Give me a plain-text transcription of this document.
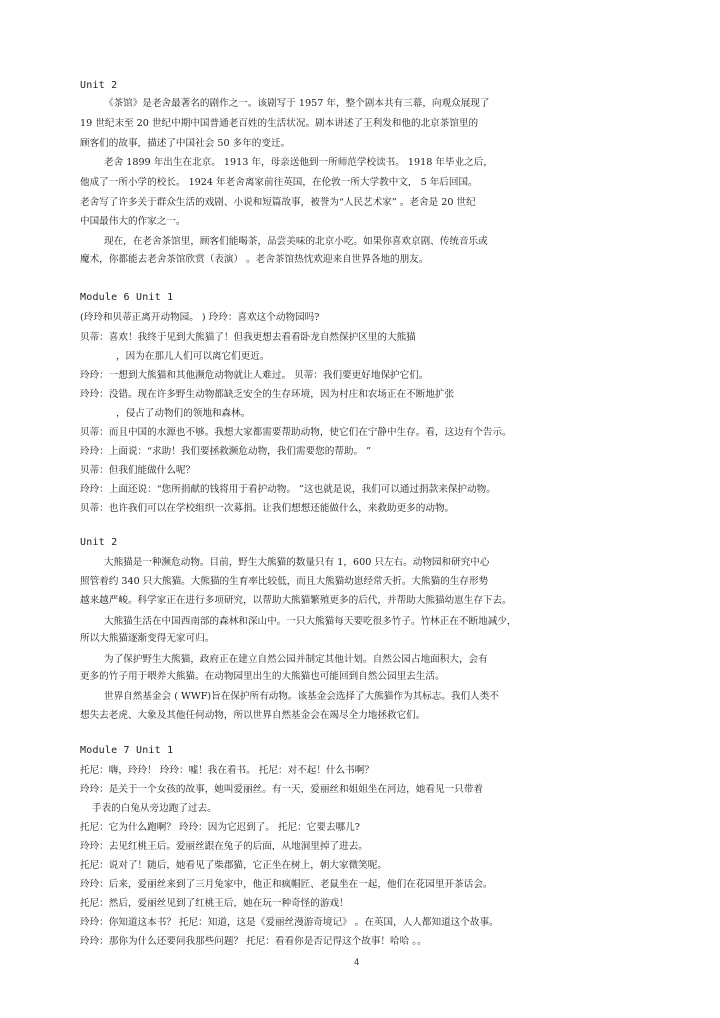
Unit 2
《茶馆》是老舍最著名的剧作之一。该剧写于 1957 年，整个剧本共有三幕，向观众展现了
19 世纪末至 20 世纪中期中国普通老百姓的生活状况。剧本讲述了王利发和他的北京茶馆里的
顾客们的故事，描述了中国社会 50 多年的变迁。
老舍 1899 年出生在北京。 1913 年，母亲送他到一所师范学校读书。 1918 年毕业之后，
他成了一所小学的校长。 1924 年老舍离家前往英国，在伦敦一所大学教中文， 5 年后回国。
老舍写了许多关于群众生活的戏剧、小说和短篇故事，被誉为“人民艺术家” 。老舍是 20 世纪
中国最伟大的作家之一。
现在，在老舍茶馆里，顾客们能喝茶，品尝美味的北京小吃。如果你喜欢京剧、传统音乐或
魔术，你都能去老舍茶馆欣赏（表演） 。老舍茶馆热忱欢迎来自世界各地的朋友。
Module 6 Unit 1
(玲玲和贝蒂正离开动物园。 ) 玲玲：喜欢这个动物园吗?
贝蒂：喜欢！我终于见到大熊猫了！但我更想去看看卧龙自然保护区里的大熊猫
，因为在那儿人们可以离它们更近。
玲玲：一想到大熊猫和其他濒危动物就让人难过。 贝蒂：我们要更好地保护它们。
玲玲：没错。现在许多野生动物都缺乏安全的生存环境，因为村庄和农场正在不断地扩张
，侵占了动物们的领地和森林。
贝蒂：而且中国的水源也不够。我想大家都需要帮助动物，使它们在宁静中生存。看，这边有个告示。
玲玲：上面说：“求助！我们要拯救濒危动物，我们需要您的帮助。 ”
贝蒂：但我们能做什么呢？
玲玲：上面还说：“您所捐献的钱将用于看护动物。 ”这也就是说，我们可以通过捐款来保护动物。
贝蒂：也许我们可以在学校组织一次募捐。让我们想想还能做什么，来救助更多的动物。
Unit 2
大熊猫是一种濒危动物。目前，野生大熊猫的数量只有 1，600 只左右。动物园和研究中心
照管着约 340 只大熊猫。大熊猫的生育率比较低，而且大熊猫幼崽经常夭折。大熊猫的生存形势
越来越严峻。科学家正在进行多项研究，以帮助大熊猫繁殖更多的后代，并帮助大熊猫幼崽生存下去。
大熊猫生活在中国西南部的森林和深山中。一只大熊猫每天要吃很多竹子。竹林正在不断地减少，
所以大熊猫逐渐变得无家可归。
为了保护野生大熊猫，政府正在建立自然公园并制定其他计划。自然公园占地面积大，会有
更多的竹子用于喂养大熊猫。在动物园里出生的大熊猫也可能回到自然公园里去生活。
世界自然基金会 ( WWF)旨在保护所有动物。该基金会选择了大熊猫作为其标志。我们人类不
想失去老虎、大象及其他任何动物，所以世界自然基金会在竭尽全力地拯救它们。
Module 7 Unit 1
托尼：嗨，玲玲！ 玲玲：嘘！我在看书。 托尼：对不起！什么书啊？
玲玲：是关于一个女孩的故事，她叫爱丽丝。有一天，爱丽丝和姐姐坐在河边，她看见一只带着
手表的白兔从旁边跑了过去。
托尼：它为什么跑啊？ 玲玲：因为它迟到了。 托尼：它要去哪儿?
玲玲：去见红桃王后。爱丽丝跟在兔子的后面，从地洞里掉了进去。
托尼：说对了！随后，她看见了柴郡猫，它正坐在树上，朝大家微笑呢。
玲玲：后来，爱丽丝来到了三月兔家中，他正和疯帽匠、老鼠坐在一起，他们在花园里开茶话会。
托尼：然后，爱丽丝见到了红桃王后，她在玩一种奇怪的游戏！
玲玲：你知道这本书？ 托尼：知道，这是《爱丽丝漫游奇境记》 。在英国，人人都知道这个故事。
玲玲：那你为什么还要问我那些问题？ 托尼：看看你是否记得这个故事！哈哈 。。
4
